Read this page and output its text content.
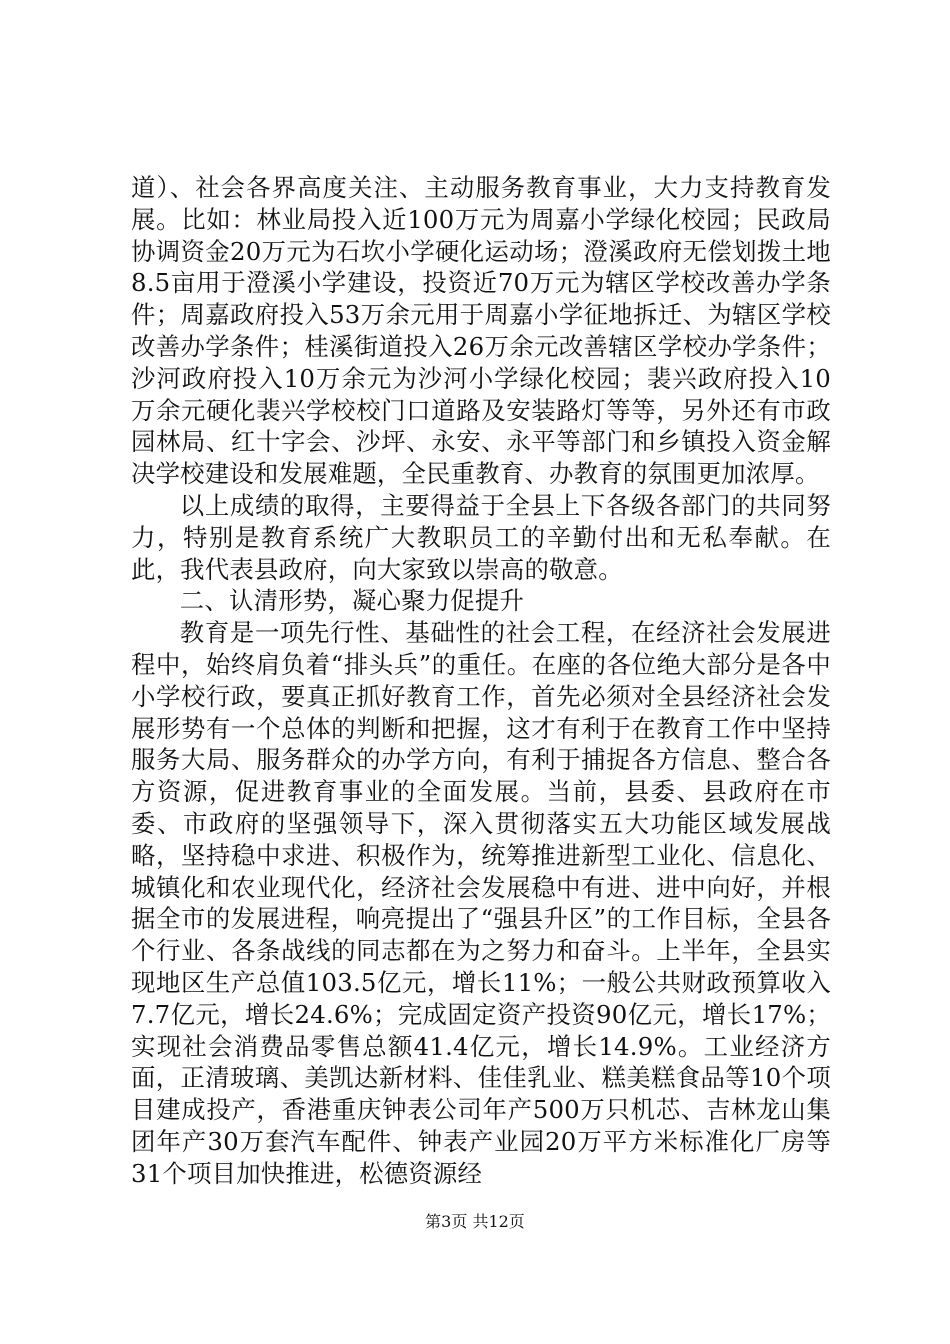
道）、社会各界高度关注、主动服务教育事业，大力支持教育发展。比如：林业局投入近100万元为周嘉小学绿化校园；民政局协调资金20万元为石坎小学硬化运动场；澄溪政府无偿划拨土地8.5亩用于澄溪小学建设，投资近70万元为辖区学校改善办学条件；周嘉政府投入53万余元用于周嘉小学征地拆迁、为辖区学校改善办学条件；桂溪街道投入26万余元改善辖区学校办学条件；沙河政府投入10万余元为沙河小学绿化校园；裴兴政府投入10万余元硬化裴兴学校校门口道路及安装路灯等等，另外还有市政园林局、红十字会、沙坪、永安、永平等部门和乡镇投入资金解决学校建设和发展难题，全民重教育、办教育的氛围更加浓厚。

以上成绩的取得，主要得益于全县上下各级各部门的共同努力，特别是教育系统广大教职员工的辛勤付出和无私奉献。在此，我代表县政府，向大家致以崇高的敬意。

二、认清形势，凝心聚力促提升

教育是一项先行性、基础性的社会工程，在经济社会发展进程中，始终肩负着“排头兵”的重任。在座的各位绝大部分是各中小学校行政，要真正抓好教育工作，首先必须对全县经济社会发展形势有一个总体的判断和把握，这才有利于在教育工作中坚持服务大局、服务群众的办学方向，有利于捕捉各方信息、整合各方资源，促进教育事业的全面发展。当前，县委、县政府在市委、市政府的坚强领导下，深入贯彻落实五大功能区域发展战略，坚持稳中求进、积极作为，统筹推进新型工业化、信息化、城镇化和农业现代化，经济社会发展稳中有进、进中向好，并根据全市的发展进程，响亮提出了“强县升区”的工作目标，全县各个行业、各条战线的同志都在为之努力和奋斗。上半年，全县实现地区生产总值103.5亿元，增长11%；一般公共财政预算收入7.7亿元，增长24.6%；完成固定资产投资90亿元，增长17%；实现社会消费品零售总额41.4亿元，增长14.9%。工业经济方面，正清玻璃、美凯达新材料、佳佳乳业、糕美糕食品等10个项目建成投产，香港重庆钟表公司年产500万只机芯、吉林龙山集团年产30万套汽车配件、钟表产业园20万平方米标准化厂房等31个项目加快推进，松德资源经

第3页 共12页
